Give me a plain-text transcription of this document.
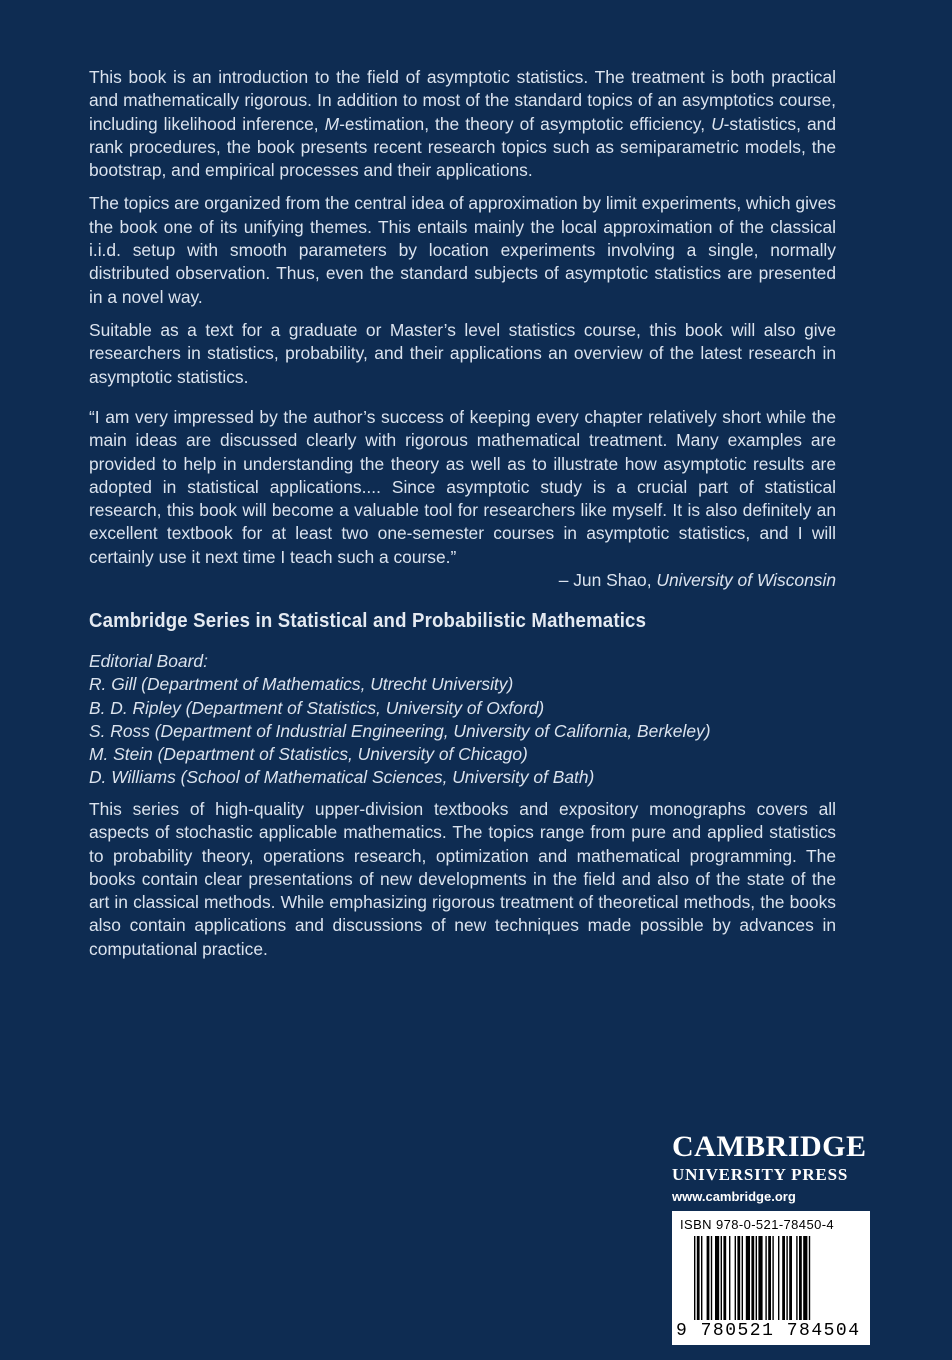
This book is an introduction to the field of asymptotic statistics. The treatment is both practical and mathematically rigorous. In addition to most of the standard topics of an asymptotics course, including likelihood inference, M-estimation, the theory of asymptotic efficiency, U-statistics, and rank procedures, the book presents recent research topics such as semiparametric models, the bootstrap, and empirical processes and their applications.

The topics are organized from the central idea of approximation by limit experiments, which gives the book one of its unifying themes. This entails mainly the local approximation of the classical i.i.d. setup with smooth parameters by location experiments involving a single, normally distributed observation. Thus, even the standard subjects of asymptotic statistics are presented in a novel way.

Suitable as a text for a graduate or Master’s level statistics course, this book will also give researchers in statistics, probability, and their applications an overview of the latest research in asymptotic statistics.

“I am very impressed by the author’s success of keeping every chapter relatively short while the main ideas are discussed clearly with rigorous mathematical treatment. Many examples are provided to help in understanding the theory as well as to illustrate how asymptotic results are adopted in statistical applications.... Since asymptotic study is a crucial part of statistical research, this book will become a valuable tool for researchers like myself. It is also definitely an excellent textbook for at least two one-semester courses in asymptotic statistics, and I will certainly use it next time I teach such a course.”

– Jun Shao, University of Wisconsin
Cambridge Series in Statistical and Probabilistic Mathematics
Editorial Board:
R. Gill (Department of Mathematics, Utrecht University)
B. D. Ripley (Department of Statistics, University of Oxford)
S. Ross (Department of Industrial Engineering, University of California, Berkeley)
M. Stein (Department of Statistics, University of Chicago)
D. Williams (School of Mathematical Sciences, University of Bath)

This series of high-quality upper-division textbooks and expository monographs covers all aspects of stochastic applicable mathematics. The topics range from pure and applied statistics to probability theory, operations research, optimization and mathematical programming. The books contain clear presentations of new developments in the field and also of the state of the art in classical methods. While emphasizing rigorous treatment of theoretical methods, the books also contain applications and discussions of new techniques made possible by advances in computational practice.

CAMBRIDGE
UNIVERSITY PRESS
www.cambridge.org
ISBN 978-0-521-78450-4
9 780521 784504
